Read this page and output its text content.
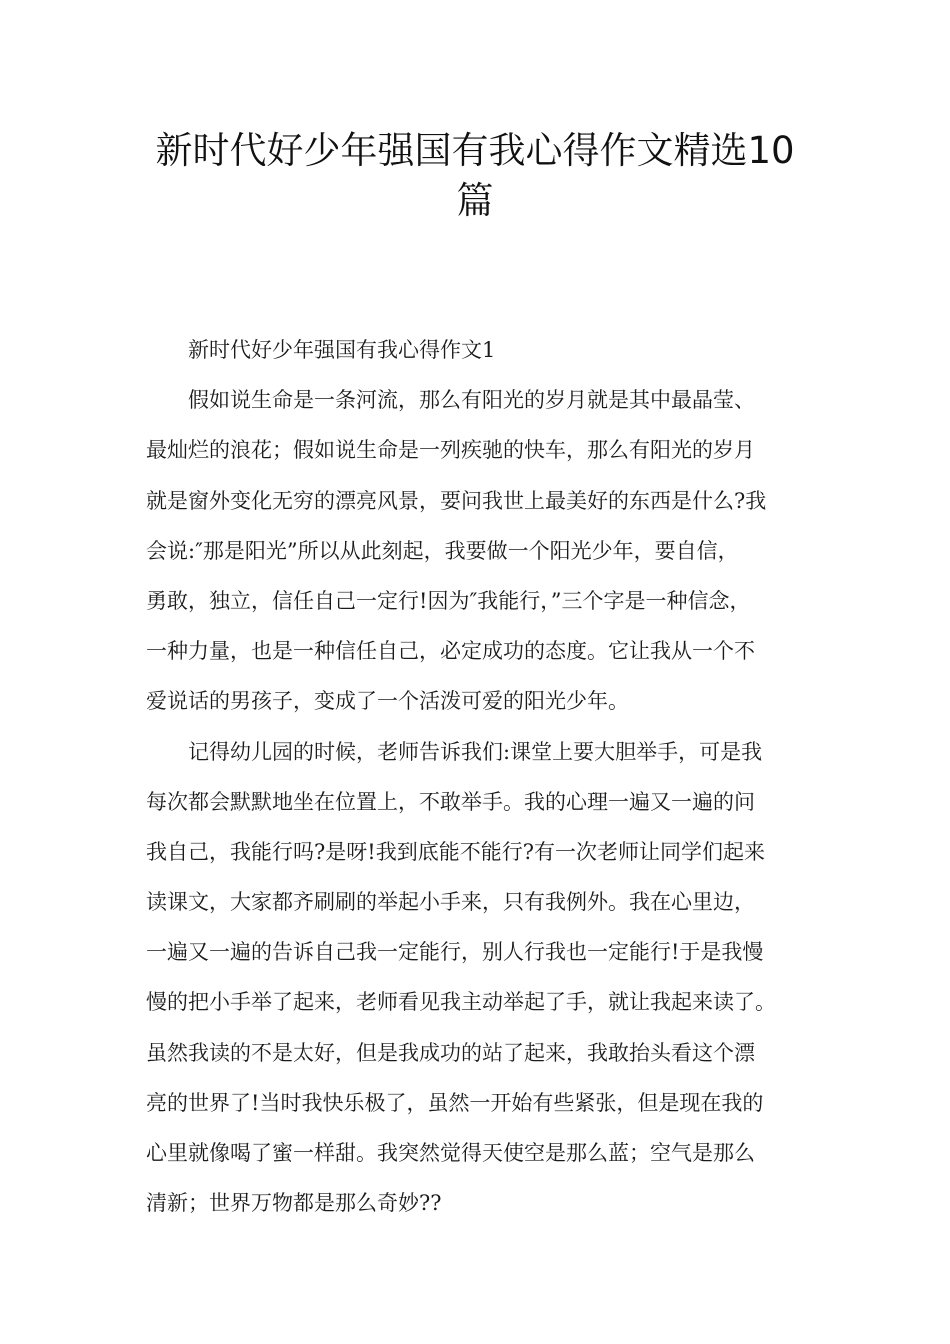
新时代好少年强国有我心得作文精选10
篇

新时代好少年强国有我心得作文1

假如说生命是一条河流，那么有阳光的岁月就是其中最晶莹、

最灿烂的浪花；假如说生命是一列疾驰的快车，那么有阳光的岁月

就是窗外变化无穷的漂亮风景，要问我世上最美好的东西是什么?我

会说:″那是阳光”所以从此刻起，我要做一个阳光少年，要自信，

勇敢，独立，信任自己一定行!因为″我能行，”三个字是一种信念，

一种力量，也是一种信任自己，必定成功的态度。它让我从一个不

爱说话的男孩子，变成了一个活泼可爱的阳光少年。

记得幼儿园的时候，老师告诉我们:课堂上要大胆举手，可是我

每次都会默默地坐在位置上，不敢举手。我的心理一遍又一遍的问

我自己，我能行吗?是呀!我到底能不能行?有一次老师让同学们起来

读课文，大家都齐刷刷的举起小手来，只有我例外。我在心里边，

一遍又一遍的告诉自己我一定能行，别人行我也一定能行!于是我慢

慢的把小手举了起来，老师看见我主动举起了手，就让我起来读了。

虽然我读的不是太好，但是我成功的站了起来，我敢抬头看这个漂

亮的世界了!当时我快乐极了，虽然一开始有些紧张，但是现在我的

心里就像喝了蜜一样甜。我突然觉得天使空是那么蓝；空气是那么

清新；世界万物都是那么奇妙??
